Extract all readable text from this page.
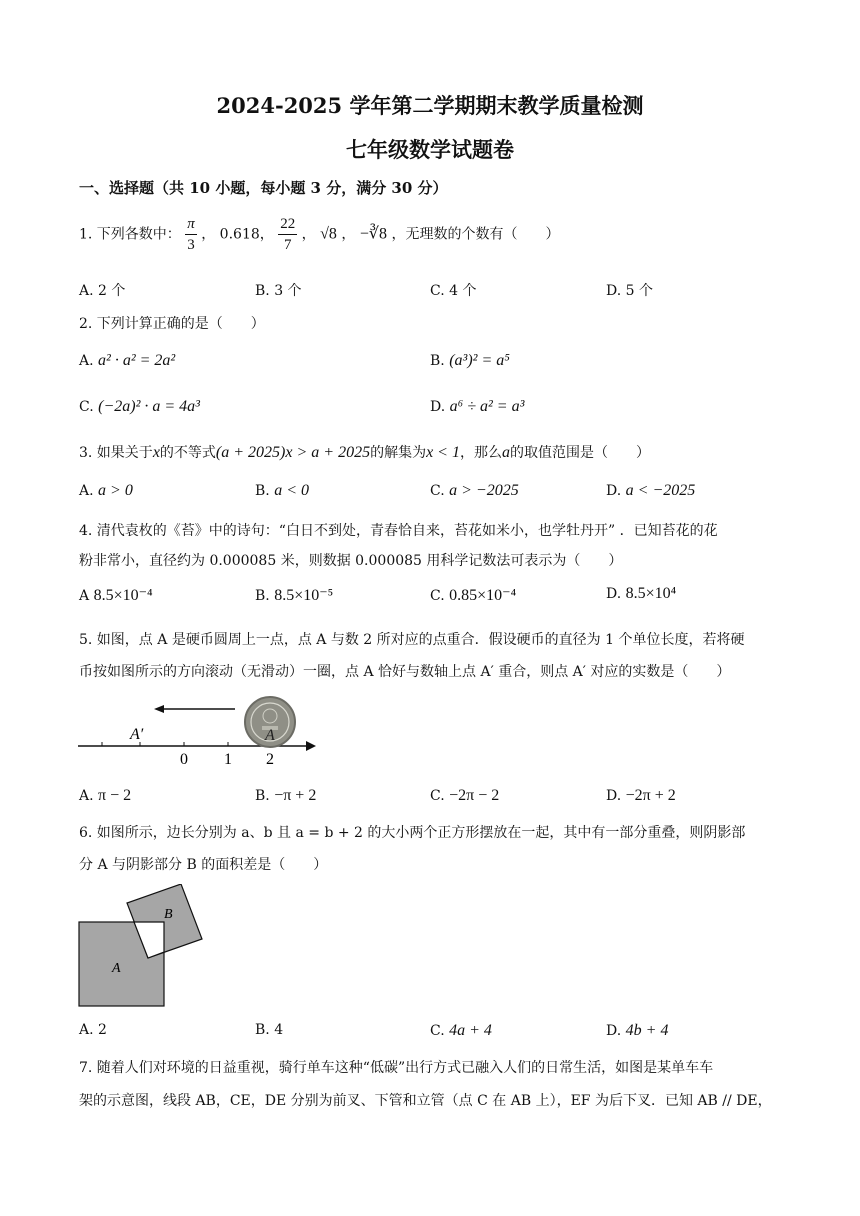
2024-2025 学年第二学期期末教学质量检测
七年级数学试题卷
一、选择题（共 10 小题，每小题 3 分，满分 30 分）
1. 下列各数中： $\frac{\pi}{3}$ ， 0.618， $\frac{22}{7}$ ， √8 ， −∛8 ，无理数的个数有（　　）
A. 2 个	B. 3 个	C. 4 个	D. 5 个
2. 下列计算正确的是（　　）
A. a² · a² = 2a²	B. (a³)² = a⁵
C. (−2a)² · a = 4a³	D. a⁶ ÷ a² = a³
3. 如果关于x的不等式(a + 2025)x > a + 2025的解集为x < 1，那么a的取值范围是（　　）
A. a > 0	B. a < 0	C. a > −2025	D. a < −2025
4. 清代袁枚的《苔》中的诗句：“白日不到处，青春恰自来，苔花如米小，也学牡丹开” ．已知苔花的花
粉非常小，直径约为 0.000085 米，则数据 0.000085 用科学记数法可表示为（　　）
A 8.5×10⁻⁴	B. 8.5×10⁻⁵	C. 0.85×10⁻⁴	D. 8.5×10⁴
5. 如图，点 A 是硬币圆周上一点，点 A 与数 2 所对应的点重合．假设硬币的直径为 1 个单位长度，若将硬
币按如图所示的方向滚动（无滑动）一圈，点 A 恰好与数轴上点 A′ 重合，则点 A′ 对应的实数是（　　）
A′	A
0 1 2
A. π − 2	B. −π + 2	C. −2π − 2	D. −2π + 2
6. 如图所示，边长分别为 a、b 且 a = b + 2 的大小两个正方形摆放在一起，其中有一部分重叠，则阴影部
分 A 与阴影部分 B 的面积差是（　　）
A
B
A. 2	B. 4	C. 4a + 4	D. 4b + 4
7. 随着人们对环境的日益重视，骑行单车这种“低碳”出行方式已融入人们的日常生活，如图是某单车车
架的示意图，线段 AB，CE，DE 分别为前叉、下管和立管（点 C 在 AB 上），EF 为后下叉．已知 AB // DE，
